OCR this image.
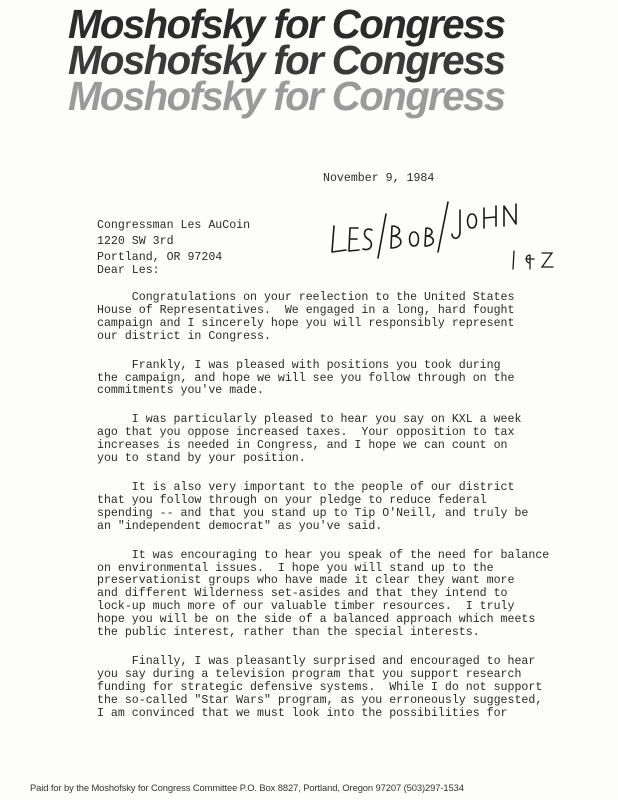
Moshofsky for Congress
Moshofsky for Congress
Moshofsky for Congress
November 9, 1984
Congressman Les AuCoin
1220 SW 3rd
Portland, OR 97204
Dear Les:

Congratulations on your reelection to the United States
House of Representatives.  We engaged in a long, hard fought
campaign and I sincerely hope you will responsibly represent
our district in Congress.

Frankly, I was pleased with positions you took during
the campaign, and hope we will see you follow through on the
commitments you've made.

I was particularly pleased to hear you say on KXL a week
ago that you oppose increased taxes.  Your opposition to tax
increases is needed in Congress, and I hope we can count on
you to stand by your position.

It is also very important to the people of our district
that you follow through on your pledge to reduce federal
spending -- and that you stand up to Tip O'Neill, and truly be
an "independent democrat" as you've said.

It was encouraging to hear you speak of the need for balance
on environmental issues.  I hope you will stand up to the
preservationist groups who have made it clear they want more
and different Wilderness set-asides and that they intend to
lock-up much more of our valuable timber resources.  I truly
hope you will be on the side of a balanced approach which meets
the public interest, rather than the special interests.

Finally, I was pleasantly surprised and encouraged to hear
you say during a television program that you support research
funding for strategic defensive systems.  While I do not support
the so-called "Star Wars" program, as you erroneously suggested,
I am convinced that we must look into the possibilities for

Paid for by the Moshofsky for Congress Committee P.O. Box 8827, Portland, Oregon 97207 (503)297-1534
